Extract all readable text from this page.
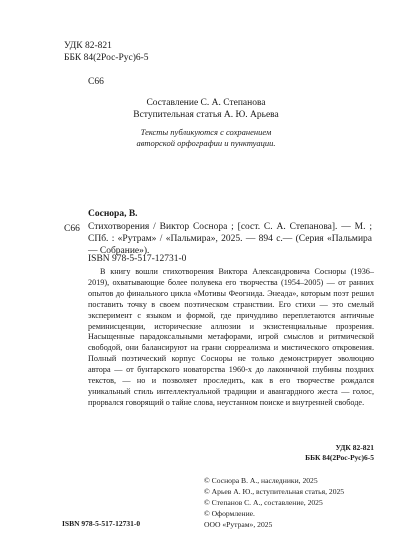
УДК 82-821
ББК 84(2Рос-Рус)6-5
С66
Составление С. А. Степанова
Вступительная статья А. Ю. Арьева
Тексты публикуются с сохранением
авторской орфографии и пунктуации.
Соснора, В.
С66 Стихотворения / Виктор Соснора ; [сост. С. А. Степанова]. — М. ; СПб. : «Рутрам» / «Пальмира», 2025. — 894 с.— (Серия «Пальмира — Собрание»).
ISBN 978-5-517-12731-0

В книгу вошли стихотворения Виктора Александровича Сосноры (1936–2019), охватывающие более полувека его творчества (1954–2005) — от ранних опытов до финального цикла «Мотивы Феогнида. Энеада», которым поэт решил поставить точку в своем поэтическом странствии. Его стихи — это смелый эксперимент с языком и формой, где причудливо переплетаются античные реминисценции, исторические аллюзии и экзистенциальные прозрения. Насыщенные парадоксальными метафорами, игрой смыслов и ритмической свободой, они балансируют на грани сюрреализма и мистического откровения. Полный поэтический корпус Сосноры не только демонстрирует эволюцию автора — от бунтарского новаторства 1960-х до лаконичной глубины поздних текстов, — но и позволяет проследить, как в его творчестве рождался уникальный стиль интеллектуальной традиции и авангардного жеста — голос, прорвался говорящий о тайне слова, неустанном поиске и внутренней свободе.

УДК 82-821
ББК 84(2Рос-Рус)6-5
© Соснора В. А., наследники, 2025
© Арьев А. Ю., вступительная статья, 2025
© Степанов С. А., составление, 2025
© Оформление.
ООО «Рутрам», 2025
ISBN 978-5-517-12731-0
